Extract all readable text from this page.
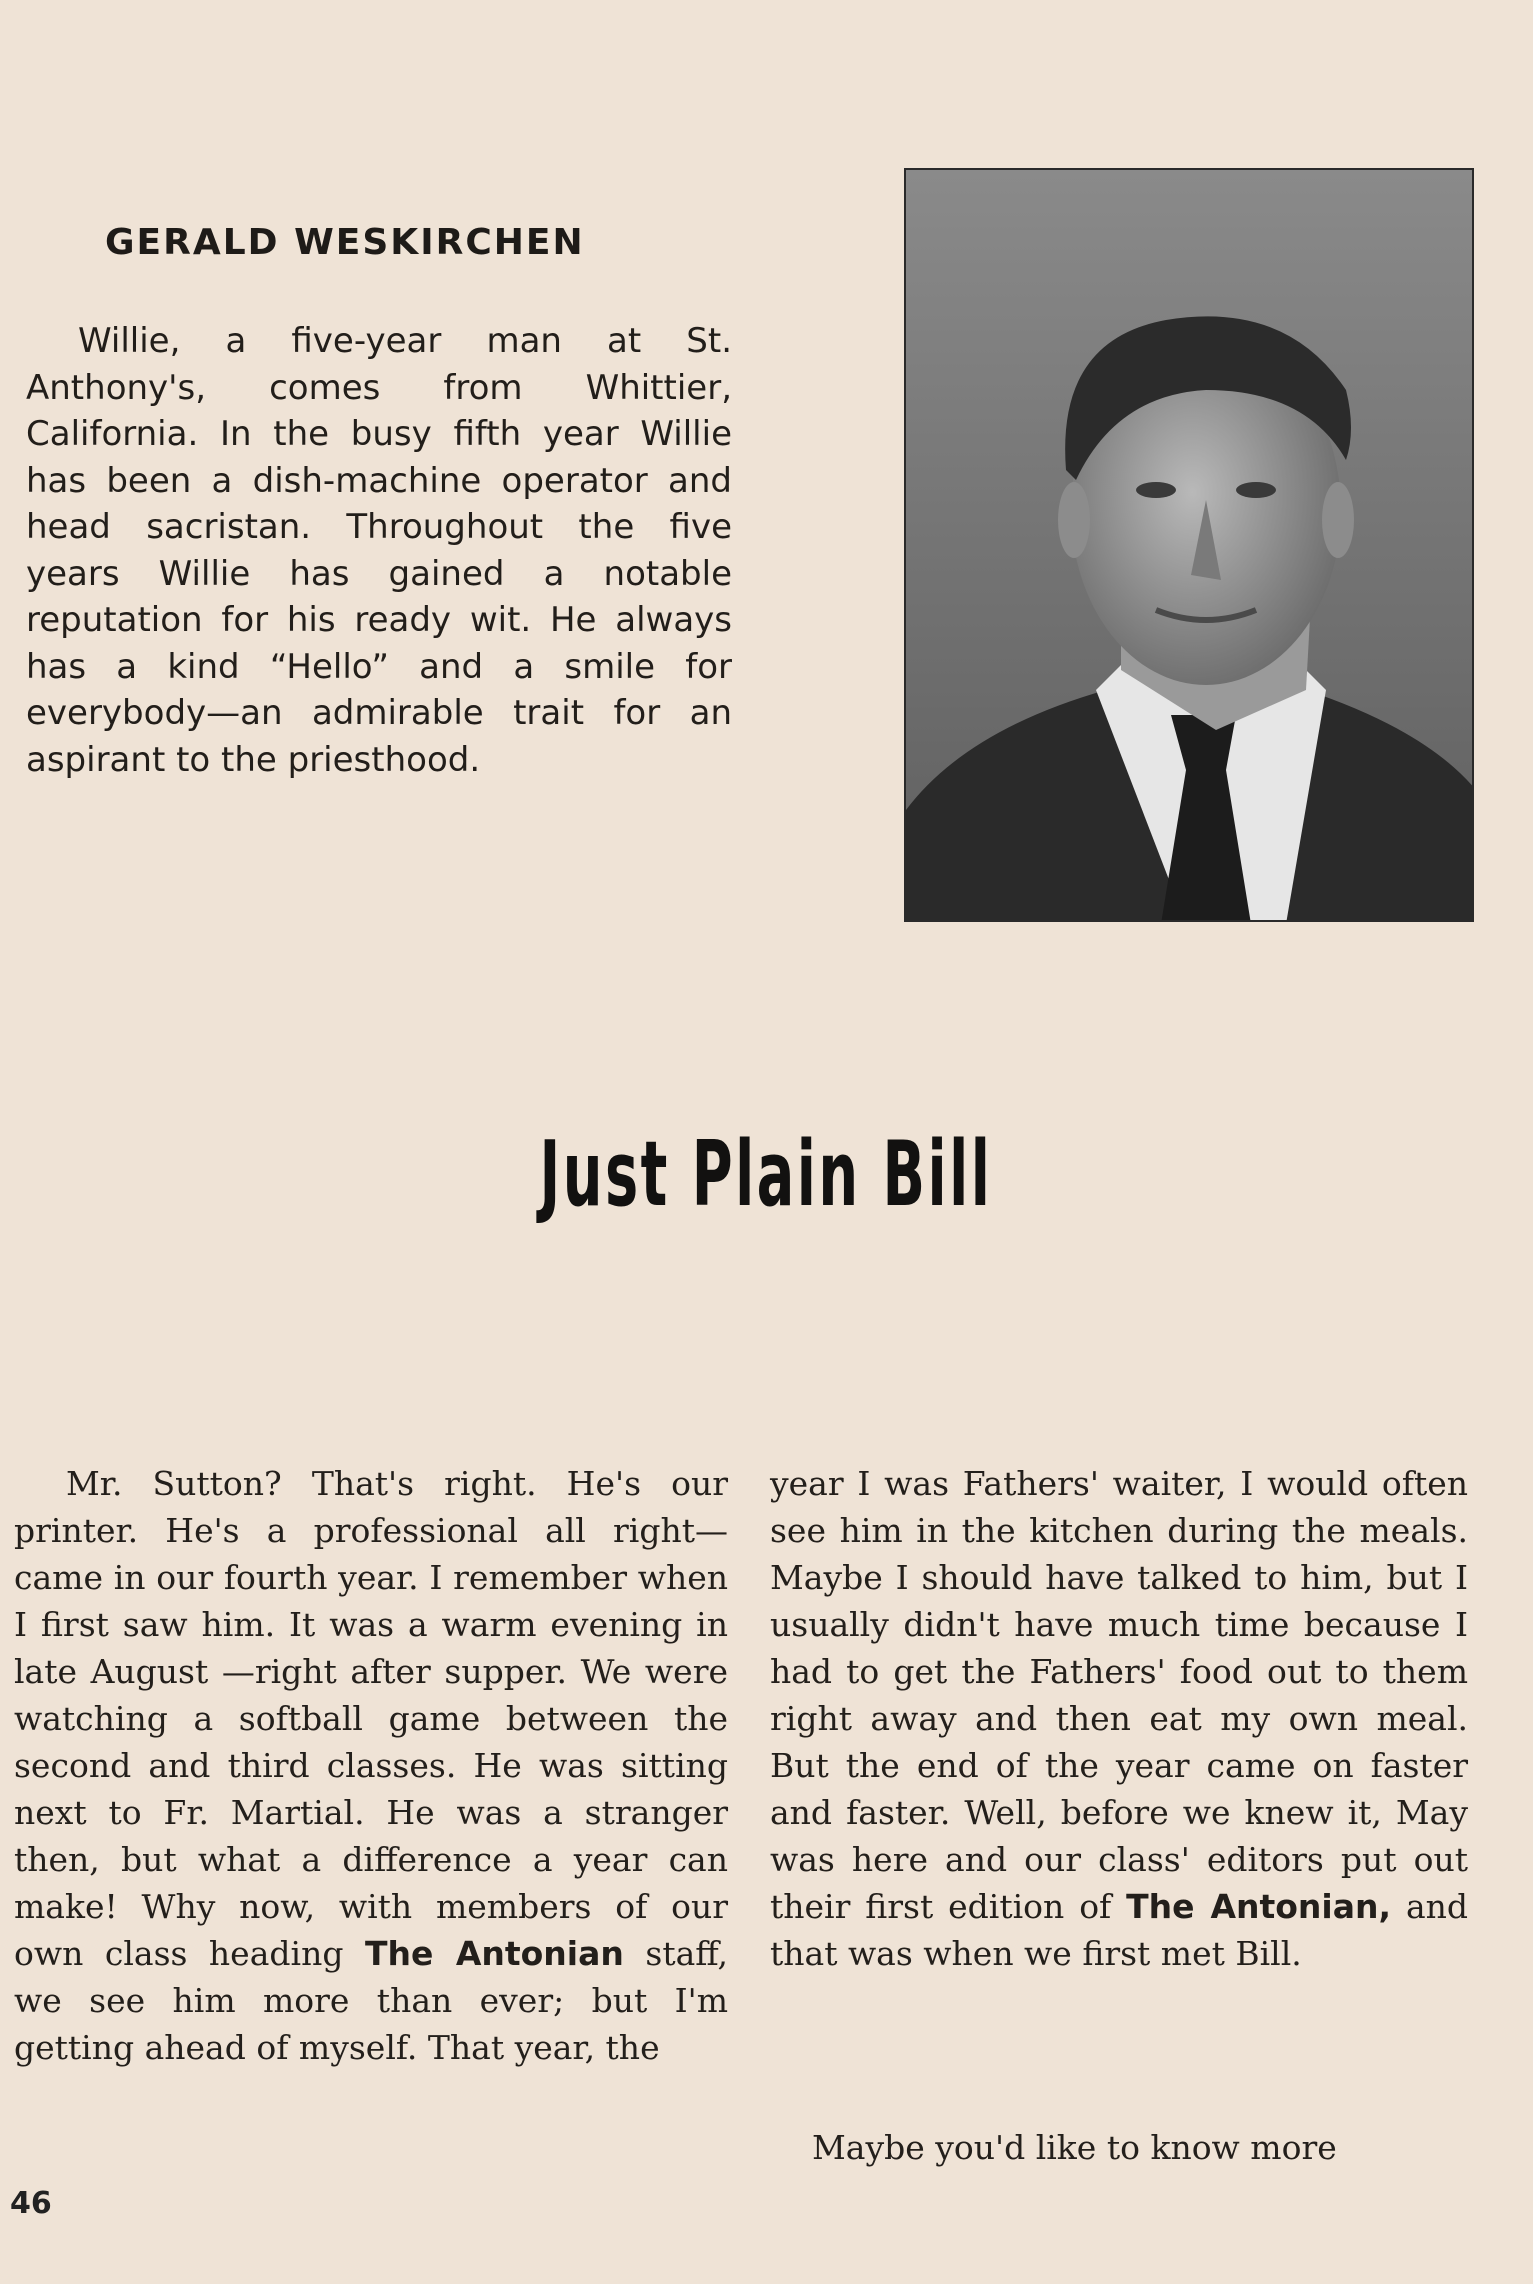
GERALD WESKIRCHEN

Willie, a five-year man at St. Anthony's, comes from Whittier, California. In the busy fifth year Willie has been a dish-machine operator and head sacristan. Throughout the five years Willie has gained a notable reputation for his ready wit. He always has a kind “Hello” and a smile for everybody—an admirable trait for an aspirant to the priesthood.

Just Plain Bill

Mr. Sutton? That's right. He's our printer. He's a professional all right—came in our fourth year. I remember when I first saw him. It was a warm evening in late August —right after supper. We were watching a softball game between the second and third classes. He was sitting next to Fr. Martial. He was a stranger then, but what a difference a year can make! Why now, with members of our own class heading The Antonian staff, we see him more than ever; but I'm getting ahead of myself. That year, the

year I was Fathers' waiter, I would often see him in the kitchen during the meals. Maybe I should have talked to him, but I usually didn't have much time because I had to get the Fathers' food out to them right away and then eat my own meal. But the end of the year came on faster and faster. Well, before we knew it, May was here and our class' editors put out their first edition of The Antonian, and that was when we first met Bill.

Maybe you'd like to know more

46
